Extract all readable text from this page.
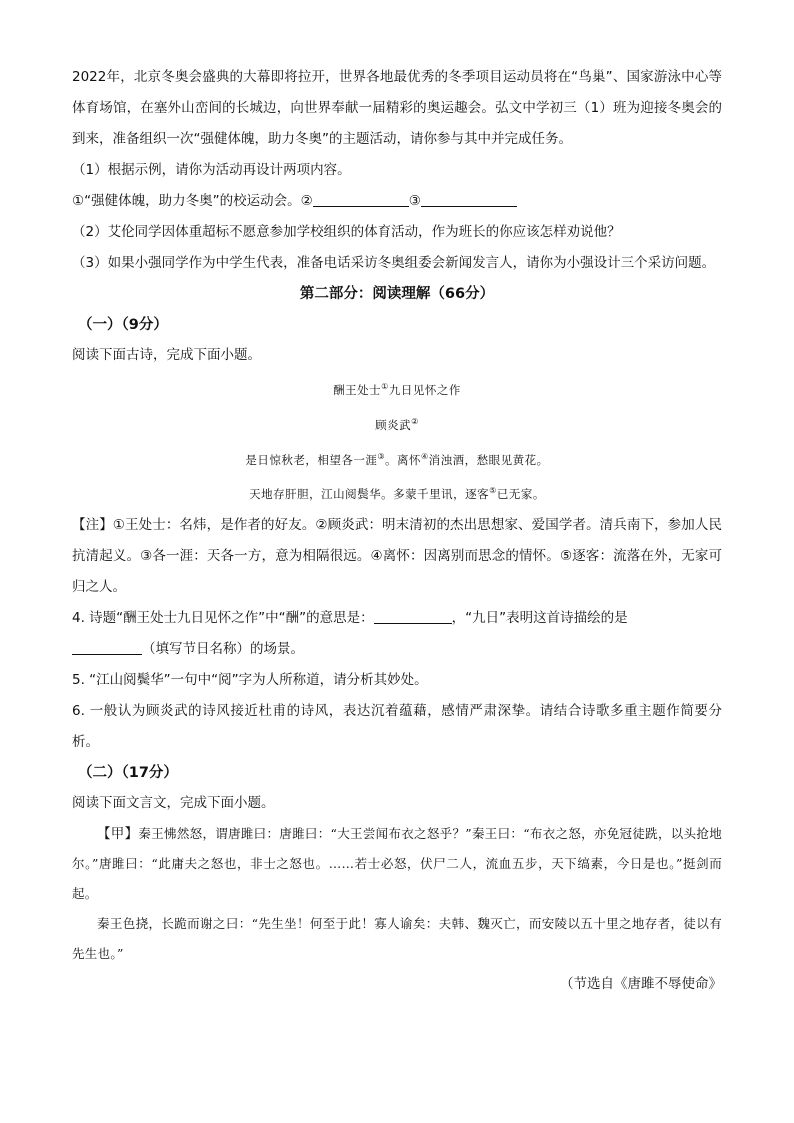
2022年，北京冬奥会盛典的大幕即将拉开，世界各地最优秀的冬季项目运动员将在“鸟巢”、国家游泳中心等体育场馆，在塞外山峦间的长城边，向世界奉献一届精彩的奥运趣会。弘文中学初三（1）班为迎接冬奥会的到来，准备组织一次“强健体魄，助力冬奥”的主题活动，请你参与其中并完成任务。

（1）根据示例，请你为活动再设计两项内容。

①“强健体魄，助力冬奥”的校运动会。②	③

（2）艾伦同学因体重超标不愿意参加学校组织的体育活动，作为班长的你应该怎样劝说他？

（3）如果小强同学作为中学生代表，准备电话采访冬奥组委会新闻发言人，请你为小强设计三个采访问题。

第二部分：阅读理解（66分）

（一）（9分）

阅读下面古诗，完成下面小题。

酬王处士①九日见怀之作

顾炎武②

是日惊秋老，相望各一涯③。离怀④消浊酒，愁眼见黄花。

天地存肝胆，江山阅鬓华。多蒙千里讯，逐客⑤已无家。

【注】①王处士：名炜，是作者的好友。②顾炎武：明末清初的杰出思想家、爱国学者。清兵南下，参加人民抗清起义。③各一涯：天各一方，意为相隔很远。④离怀：因离别而思念的情怀。⑤逐客：流落在外，无家可归之人。

4. 诗题“酬王处士九日见怀之作”中“酬”的意思是：	，“九日”表明这首诗描绘的是
（填写节日名称）的场景。

5. “江山阅鬓华”一句中“阅”字为人所称道，请分析其妙处。

6. 一般认为顾炎武的诗风接近杜甫的诗风，表达沉着蕴藉，感情严肃深挚。请结合诗歌多重主题作简要分析。

（二）（17分）

阅读下面文言文，完成下面小题。

【甲】秦王怫然怒，谓唐雎曰：唐雎曰：“大王尝闻布衣之怒乎？”秦王曰：“布衣之怒，亦免冠徒跣，以头抢地尔。”唐雎曰：“此庸夫之怒也，非士之怒也。……若士必怒，伏尸二人，流血五步，天下缟素，今日是也。”挺剑而起。

秦王色挠，长跪而谢之曰：“先生坐！何至于此！寡人谕矣：夫韩、魏灭亡，而安陵以五十里之地存者，徒以有先生也。”

（节选自《唐雎不辱使命》
